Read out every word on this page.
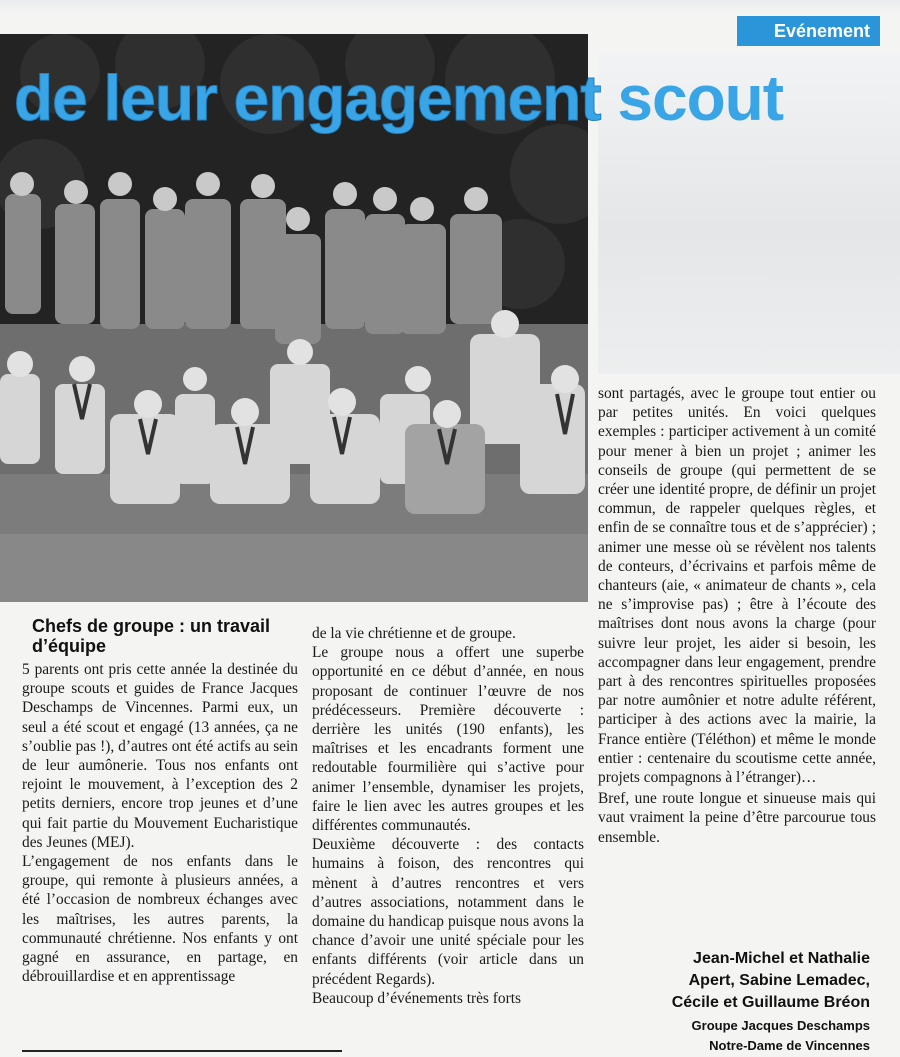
Evénement
de leur engagement scout
Chefs de groupe : un travail d’équipe

5 parents ont pris cette année la destinée du groupe scouts et guides de France Jacques Deschamps de Vincennes. Parmi eux, un seul a été scout et engagé (13 années, ça ne s’oublie pas !), d’autres ont été actifs au sein de leur aumônerie. Tous nos enfants ont rejoint le mouvement, à l’exception des 2 petits derniers, encore trop jeunes et d’une qui fait partie du Mouvement Eucharistique des Jeunes (MEJ).

L’engagement de nos enfants dans le groupe, qui remonte à plusieurs années, a été l’occasion de nombreux échanges avec les maîtrises, les autres parents, la communauté chrétienne. Nos enfants y ont gagné en assurance, en partage, en débrouillardise et en apprentissage

de la vie chrétienne et de groupe.

Le groupe nous a offert une superbe opportunité en ce début d’année, en nous proposant de continuer l’œuvre de nos prédécesseurs. Première découverte : derrière les unités (190 enfants), les maîtrises et les encadrants forment une redoutable fourmilière qui s’active pour animer l’ensemble, dynamiser les projets, faire le lien avec les autres groupes et les différentes communautés.

Deuxième découverte : des contacts humains à foison, des rencontres qui mènent à d’autres rencontres et vers d’autres associations, notamment dans le domaine du handicap puisque nous avons la chance d’avoir une unité spéciale pour les enfants différents (voir article dans un précédent Regards).

Beaucoup d’événements très forts

sont partagés, avec le groupe tout entier ou par petites unités. En voici quelques exemples : participer activement à un comité pour mener à bien un projet ; animer les conseils de groupe (qui permettent de se créer une identité propre, de définir un projet commun, de rappeler quelques règles, et enfin de se connaître tous et de s’apprécier) ; animer une messe où se révèlent nos talents de conteurs, d’écrivains et parfois même de chanteurs (aie, « animateur de chants », cela ne s’improvise pas) ; être à l’écoute des maîtrises dont nous avons la charge (pour suivre leur projet, les aider si besoin, les accompagner dans leur engagement, prendre part à des rencontres spirituelles proposées par notre aumônier et notre adulte référent, participer à des actions avec la mairie, la France entière (Téléthon) et même le monde entier : centenaire du scoutisme cette année, projets compagnons à l’étranger)…

Bref, une route longue et sinueuse mais qui vaut vraiment la peine d’être parcourue tous ensemble.

Jean-Michel et Nathalie
Apert, Sabine Lemadec,
Cécile et Guillaume Bréon
Groupe Jacques Deschamps
Notre-Dame de Vincennes
